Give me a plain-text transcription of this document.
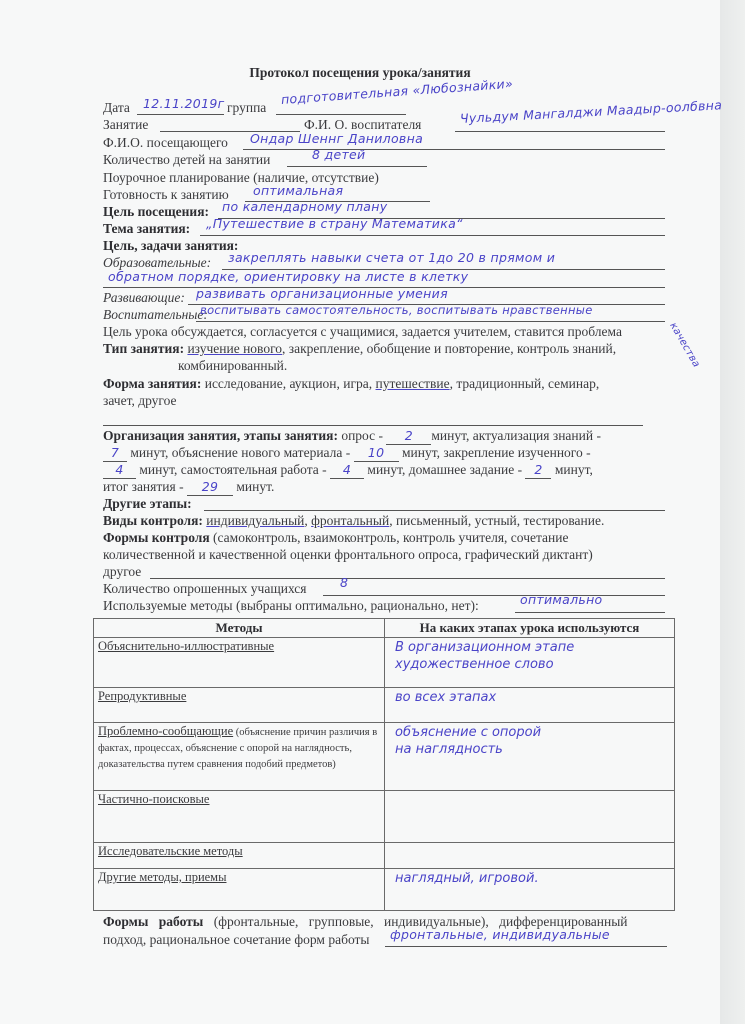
Протокол посещения урока/занятия
Дата 12.11.2019г группа
подготовительная «Любознайки»
Занятие	Ф.И. О. воспитателя	Чульдум Мангалджи Маадыр-оолбвна
Ф.И.О. посещающего Ондар Шеннг Даниловна
Количество детей на занятии	8 детей
Поурочное планирование (наличие, отсутствие)
Готовность к занятию оптимальная
Цель посещения: по календарному плану
Тема занятия: „Путешествие в страну Математика“
Цель, задачи занятия:
Образовательные: закреплять навыки счета от 1до 20 в прямом и
обратном порядке, ориентировку на листе в клетку
Развивающие: развивать организационные умения
Воспитательные:
воспитывать самостоятельность, воспитывать нравственные
качества
Цель урока обсуждается, согласуется с учащимися, задается учителем, ставится проблема
Тип занятия: изучение нового, закрепление, обобщение и повторение, контроль знаний,
комбинированный.
Форма занятия: исследование, аукцион, игра, путешествие, традиционный, семинар,
зачет, другое
Организация занятия, этапы занятия: опрос - 2 минут, актуализация знаний -
7 минут, объяснение нового материала - 10 минут, закрепление изученного -
4 минут, самостоятельная работа - 4 минут, домашнее задание - 2 минут,
итог занятия - 29 минут.
Другие этапы:
Виды контроля: индивидуальный, фронтальный, письменный, устный, тестирование.
Формы контроля (самоконтроль, взаимоконтроль, контроль учителя, сочетание
количественной и качественной оценки фронтального опроса, графический диктант)
другое
Количество опрошенных учащихся	8
Используемые методы (выбраны оптимально, рационально, нет):	оптимально
Методы	На каких этапах урока используются
Объяснительно-иллюстративные	В организационном этапе
художественное слово

Репродуктивные	во всех этапах

Проблемно-сообщающие (объяснение причин различия в фактах, процессах, объяснение с опорой на наглядность, доказательства путем сравнения подобий предметов)	объяснение с опорой
на наглядность

Частично-поисковые	
Исследовательские методы	
Другие методы, приемы	наглядный, игровой.
Формы работы (фронтальные, групповые, индивидуальные), дифференцированный
подход, рациональное сочетание форм работы фронтальные, индивидуальные
